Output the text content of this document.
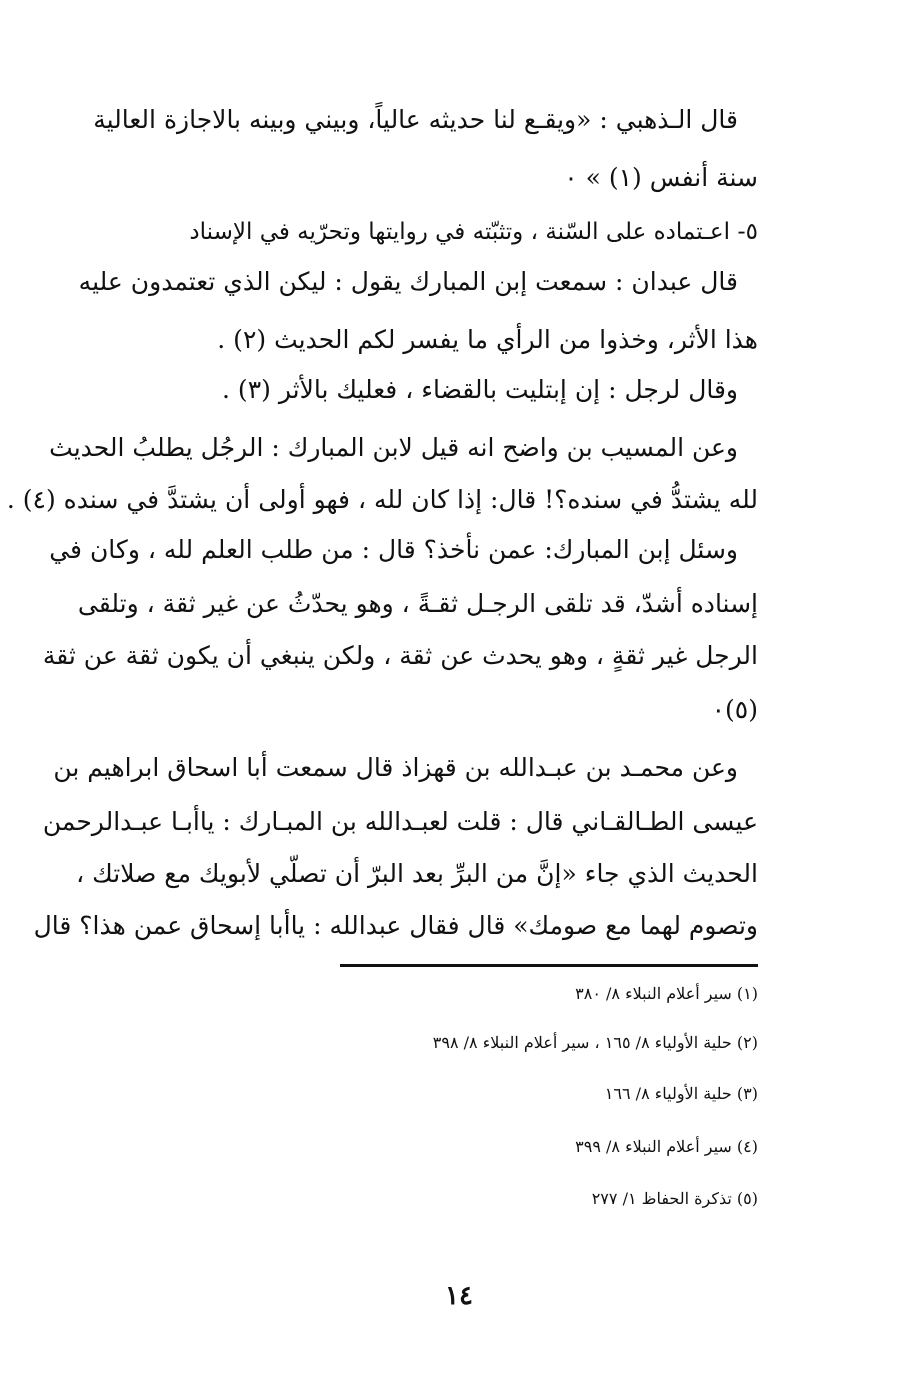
قال الـذهبي : «ويقـع لنا حديثه عالياً، وبيني وبينه بالاجازة العالية
سنة أنفس (١) » ٠
٥- اعـتماده على السّنة ، وتثبّته في روايتها وتحرّيه في الإسناد
قال عبدان : سمعت إبن المبارك يقول : ليكن الذي تعتمدون عليه
هذا الأثر، وخذوا من الرأي ما يفسر لكم الحديث (٢) .
وقال لرجل : إن إبتليت بالقضاء ، فعليك بالأثر (٣) .
وعن المسيب بن واضح انه قيل لابن المبارك : الرجُل يطلبُ الحديث
لله يشتدُّ في سنده؟! قال: إذا كان لله ، فهو أولى أن يشتدَّ في سنده (٤) .
وسئل إبن المبارك: عمن نأخذ؟ قال : من طلب العلم لله ، وكان في
إسناده أشدّ، قد تلقى الرجـل ثقـةً ، وهو يحدّثُ عن غير ثقة ، وتلقى
الرجل غير ثقةٍ ، وهو يحدث عن ثقة ، ولكن ينبغي أن يكون ثقة عن ثقة
(٥)٠
وعن محمـد بن عبـدالله بن قهزاذ قال سمعت أبا اسحاق ابراهيم بن
عيسى الطـالقـاني قال : قلت لعبـدالله بن المبـارك : ياأبـا عبـدالرحمن
الحديث الذي جاء «إنَّ من البرِّ بعد البرّ أن تصلّي لأبويك مع صلاتك ،
وتصوم لهما مع صومك» قال فقال عبدالله : ياأبا إسحاق عمن هذا؟ قال
(١) سير أعلام النبلاء ٨/ ٣٨٠
(٢) حلية الأولياء ٨/ ١٦٥ ، سير أعلام النبلاء ٨/ ٣٩٨
(٣) حلية الأولياء ٨/ ١٦٦
(٤) سير أعلام النبلاء ٨/ ٣٩٩
(٥) تذكرة الحفاظ ١/ ٢٧٧
١٤
